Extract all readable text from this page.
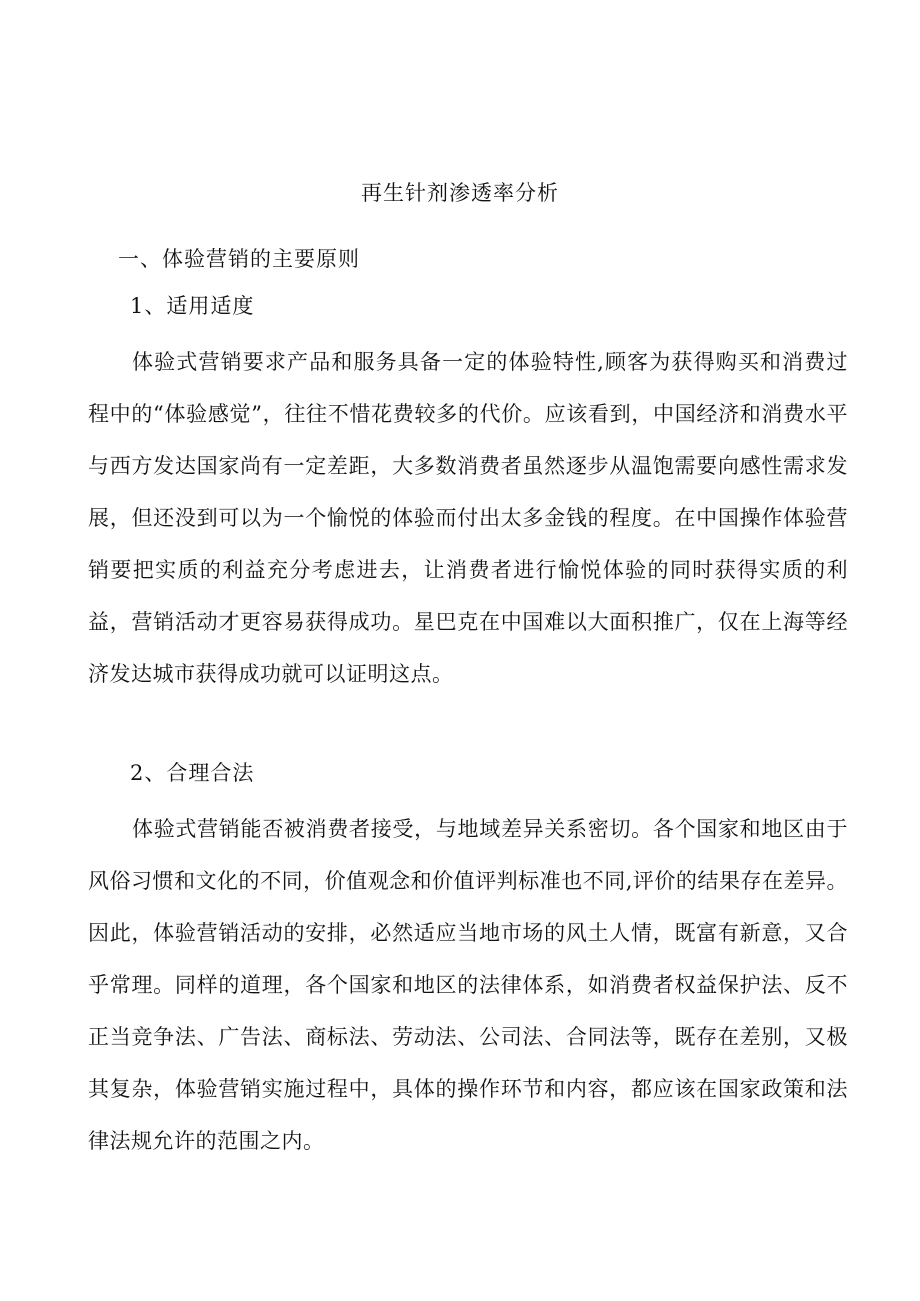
再生针剂渗透率分析
一、体验营销的主要原则
1、适用适度

体验式营销要求产品和服务具备一定的体验特性,顾客为获得购买和消费过程中的“体验感觉”，往往不惜花费较多的代价。应该看到，中国经济和消费水平与西方发达国家尚有一定差距，大多数消费者虽然逐步从温饱需要向感性需求发展，但还没到可以为一个愉悦的体验而付出太多金钱的程度。在中国操作体验营销要把实质的利益充分考虑进去，让消费者进行愉悦体验的同时获得实质的利益，营销活动才更容易获得成功。星巴克在中国难以大面积推广，仅在上海等经济发达城市获得成功就可以证明这点。

2、合理合法

体验式营销能否被消费者接受，与地域差异关系密切。各个国家和地区由于风俗习惯和文化的不同，价值观念和价值评判标准也不同,评价的结果存在差异。因此，体验营销活动的安排，必然适应当地市场的风土人情，既富有新意，又合乎常理。同样的道理，各个国家和地区的法律体系，如消费者权益保护法、反不正当竞争法、广告法、商标法、劳动法、公司法、合同法等，既存在差别，又极其复杂，体验营销实施过程中，具体的操作环节和内容，都应该在国家政策和法律法规允许的范围之内。
